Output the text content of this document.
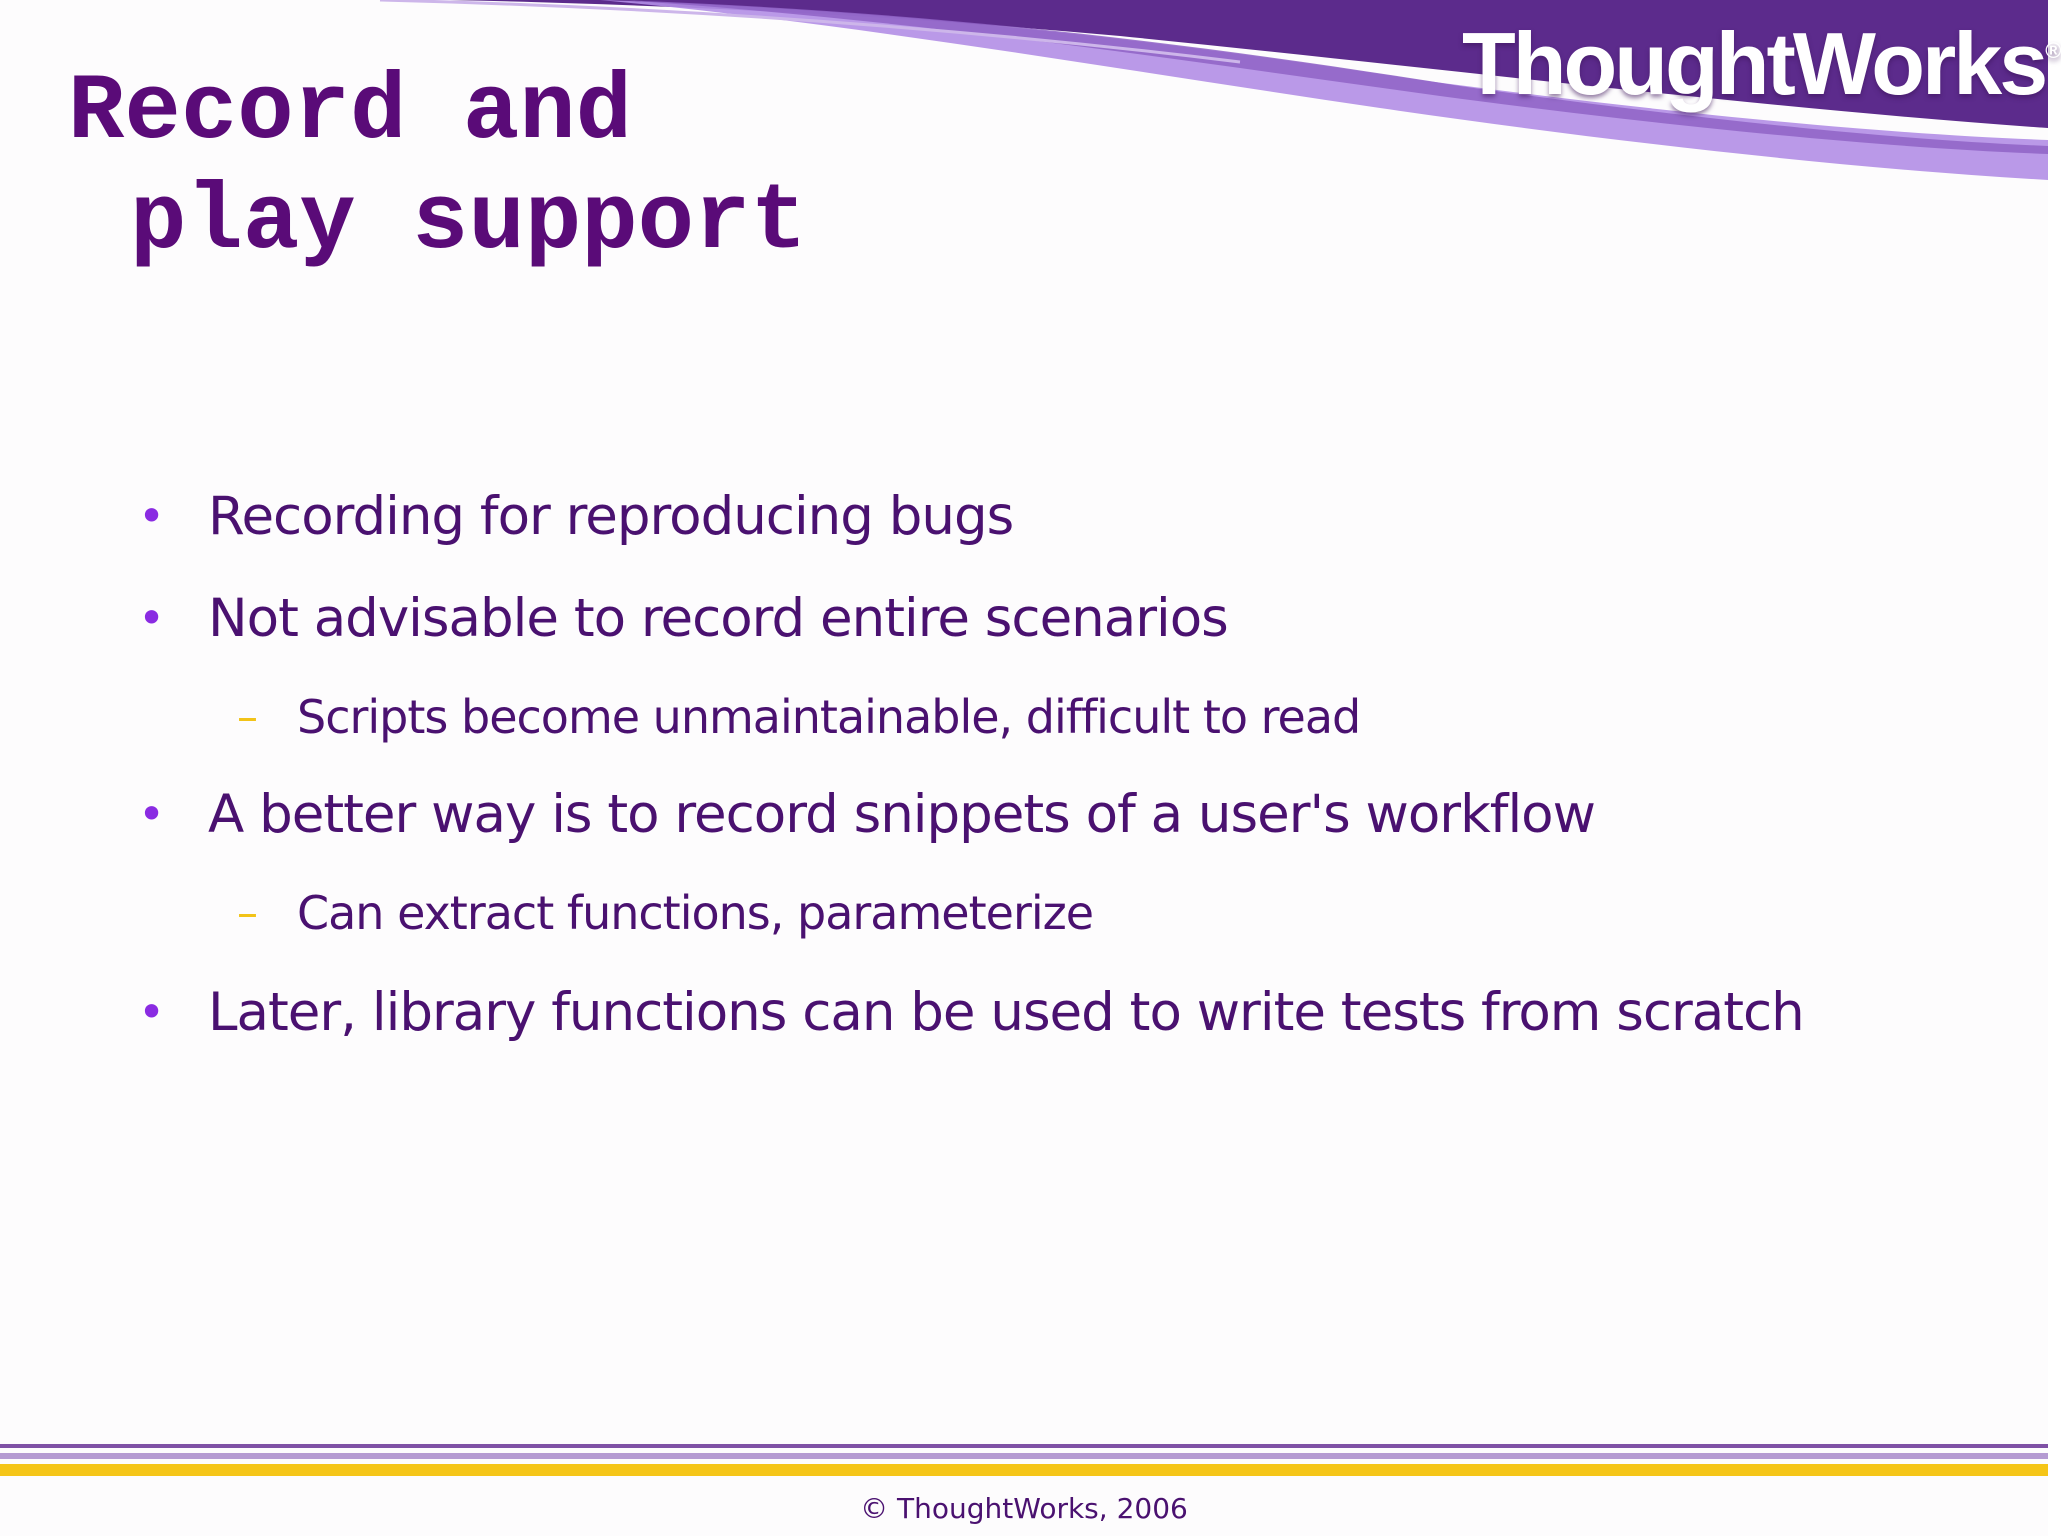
ThoughtWorks®
Record and
play support
• Recording for reproducing bugs
• Not advisable to record entire scenarios
– Scripts become unmaintainable, difficult to read
• A better way is to record snippets of a user's workflow
– Can extract functions, parameterize
• Later, library functions can be used to write tests from scratch
© ThoughtWorks, 2006
